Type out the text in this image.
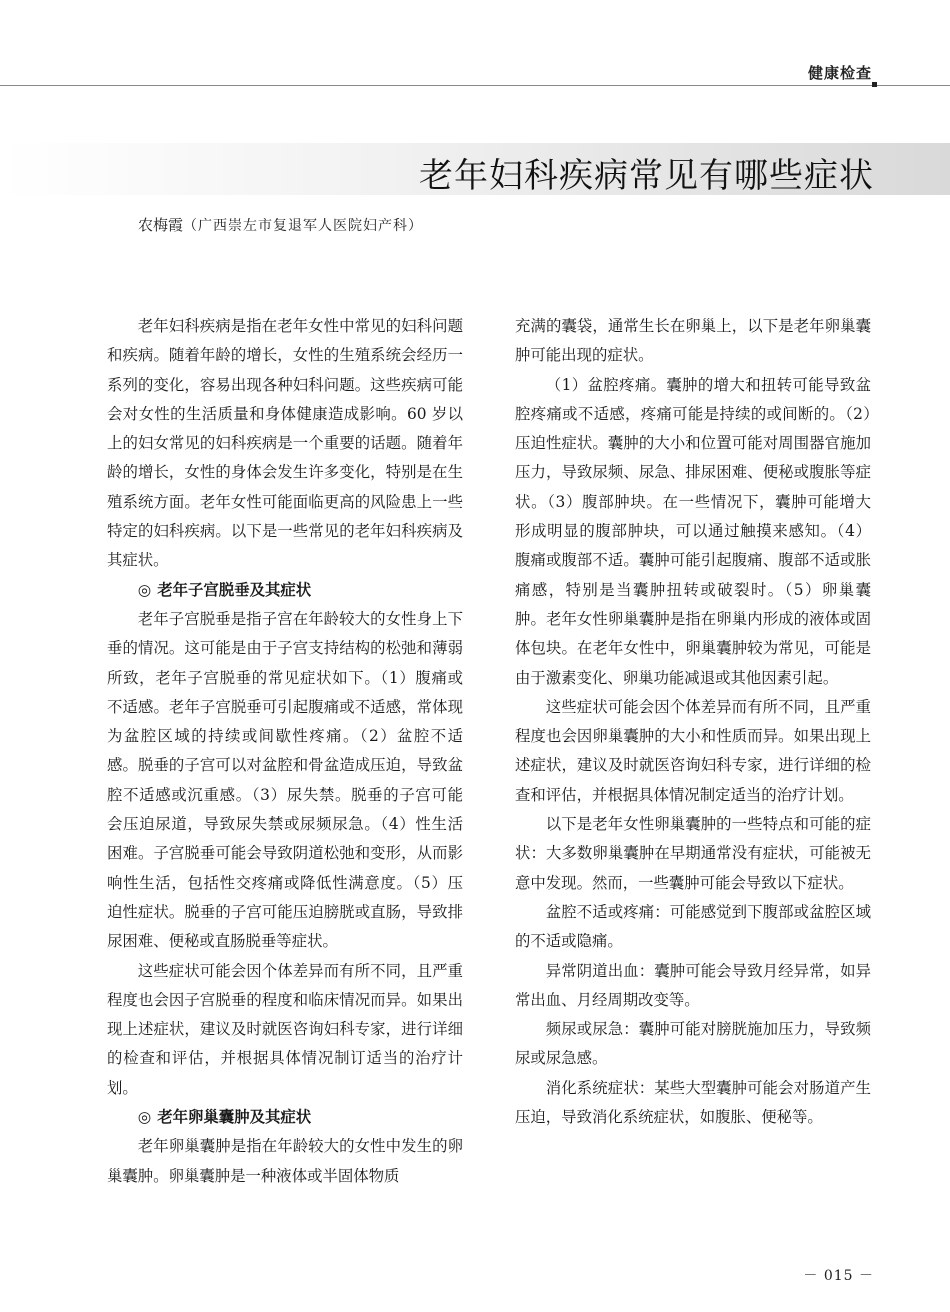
健康检查
老年妇科疾病常见有哪些症状
农梅霞（广西崇左市复退军人医院妇产科）

老年妇科疾病是指在老年女性中常见的妇科问题和疾病。随着年龄的增长，女性的生殖系统会经历一系列的变化，容易出现各种妇科问题。这些疾病可能会对女性的生活质量和身体健康造成影响。60 岁以上的妇女常见的妇科疾病是一个重要的话题。随着年龄的增长，女性的身体会发生许多变化，特别是在生殖系统方面。老年女性可能面临更高的风险患上一些特定的妇科疾病。以下是一些常见的老年妇科疾病及其症状。

◎ 老年子宫脱垂及其症状

老年子宫脱垂是指子宫在年龄较大的女性身上下垂的情况。这可能是由于子宫支持结构的松弛和薄弱所致，老年子宫脱垂的常见症状如下。（1）腹痛或不适感。老年子宫脱垂可引起腹痛或不适感，常体现为盆腔区域的持续或间歇性疼痛。（2）盆腔不适感。脱垂的子宫可以对盆腔和骨盆造成压迫，导致盆腔不适感或沉重感。（3）尿失禁。脱垂的子宫可能会压迫尿道，导致尿失禁或尿频尿急。（4）性生活困难。子宫脱垂可能会导致阴道松弛和变形，从而影响性生活，包括性交疼痛或降低性满意度。（5）压迫性症状。脱垂的子宫可能压迫膀胱或直肠，导致排尿困难、便秘或直肠脱垂等症状。

这些症状可能会因个体差异而有所不同，且严重程度也会因子宫脱垂的程度和临床情况而异。如果出现上述症状，建议及时就医咨询妇科专家，进行详细的检查和评估，并根据具体情况制订适当的治疗计划。

◎ 老年卵巢囊肿及其症状

老年卵巢囊肿是指在年龄较大的女性中发生的卵巢囊肿。卵巢囊肿是一种液体或半固体物质

充满的囊袋，通常生长在卵巢上，以下是老年卵巢囊肿可能出现的症状。

（1）盆腔疼痛。囊肿的增大和扭转可能导致盆腔疼痛或不适感，疼痛可能是持续的或间断的。（2）压迫性症状。囊肿的大小和位置可能对周围器官施加压力，导致尿频、尿急、排尿困难、便秘或腹胀等症状。（3）腹部肿块。在一些情况下，囊肿可能增大形成明显的腹部肿块，可以通过触摸来感知。（4）腹痛或腹部不适。囊肿可能引起腹痛、腹部不适或胀痛感，特别是当囊肿扭转或破裂时。（5）卵巢囊肿。老年女性卵巢囊肿是指在卵巢内形成的液体或固体包块。在老年女性中，卵巢囊肿较为常见，可能是由于激素变化、卵巢功能减退或其他因素引起。

这些症状可能会因个体差异而有所不同，且严重程度也会因卵巢囊肿的大小和性质而异。如果出现上述症状，建议及时就医咨询妇科专家，进行详细的检查和评估，并根据具体情况制定适当的治疗计划。

以下是老年女性卵巢囊肿的一些特点和可能的症状：大多数卵巢囊肿在早期通常没有症状，可能被无意中发现。然而，一些囊肿可能会导致以下症状。

盆腔不适或疼痛：可能感觉到下腹部或盆腔区域的不适或隐痛。

异常阴道出血：囊肿可能会导致月经异常，如异常出血、月经周期改变等。

频尿或尿急：囊肿可能对膀胱施加压力，导致频尿或尿急感。

消化系统症状：某些大型囊肿可能会对肠道产生压迫，导致消化系统症状，如腹胀、便秘等。

－ 015 －
